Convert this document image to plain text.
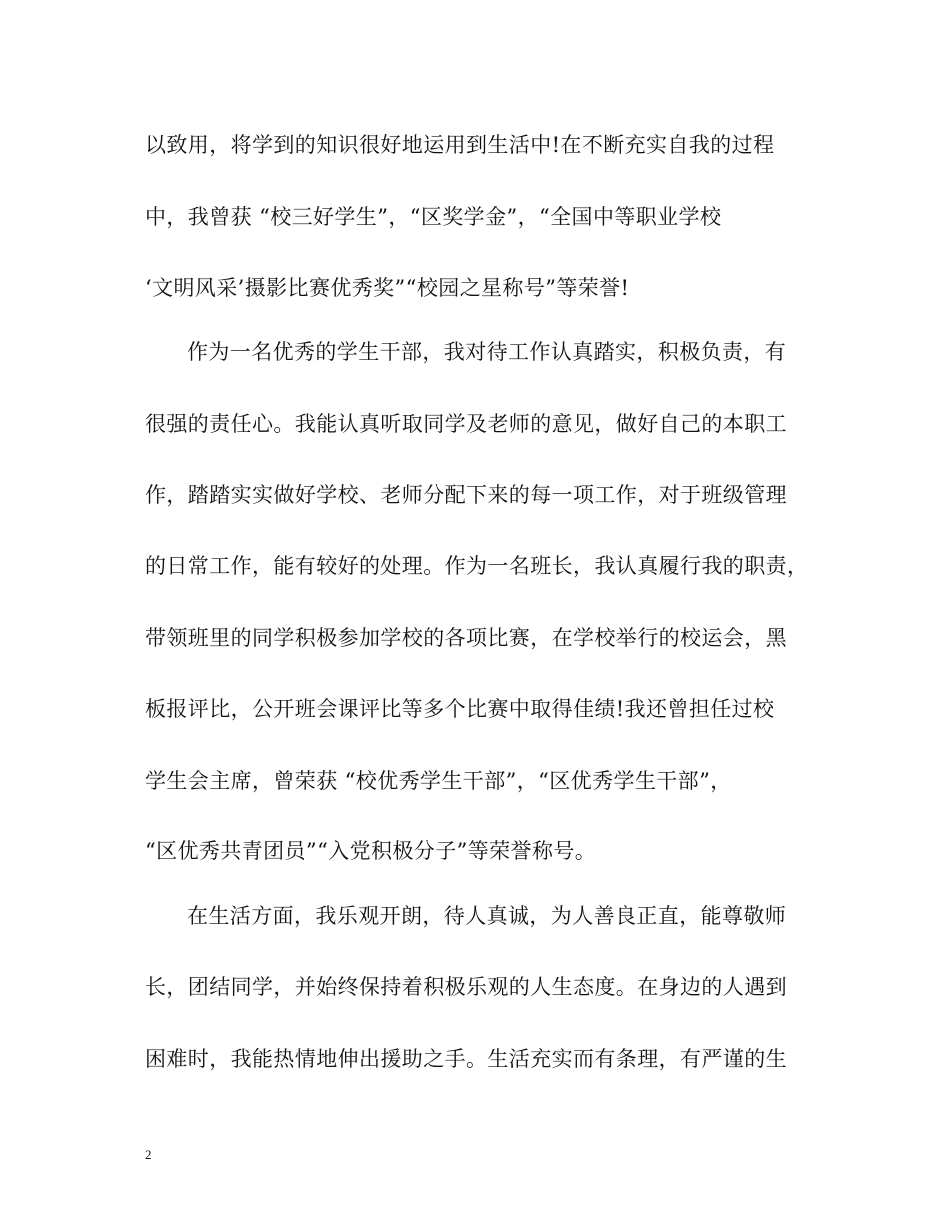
以致用，将学到的知识很好地运用到生活中!在不断充实自我的过程
中，我曾获 “校三好学生”，“区奖学金”，“全国中等职业学校
‘文明风采’摄影比赛优秀奖”“校园之星称号”等荣誉!
作为一名优秀的学生干部，我对待工作认真踏实，积极负责，有
很强的责任心。我能认真听取同学及老师的意见，做好自己的本职工
作，踏踏实实做好学校、老师分配下来的每一项工作，对于班级管理
的日常工作，能有较好的处理。作为一名班长，我认真履行我的职责，
带领班里的同学积极参加学校的各项比赛，在学校举行的校运会，黑
板报评比，公开班会课评比等多个比赛中取得佳绩!我还曾担任过校
学生会主席，曾荣获 “校优秀学生干部”，“区优秀学生干部”，
“区优秀共青团员”“入党积极分子”等荣誉称号。
在生活方面，我乐观开朗，待人真诚，为人善良正直，能尊敬师
长，团结同学，并始终保持着积极乐观的人生态度。在身边的人遇到
困难时，我能热情地伸出援助之手。生活充实而有条理，有严谨的生
2
